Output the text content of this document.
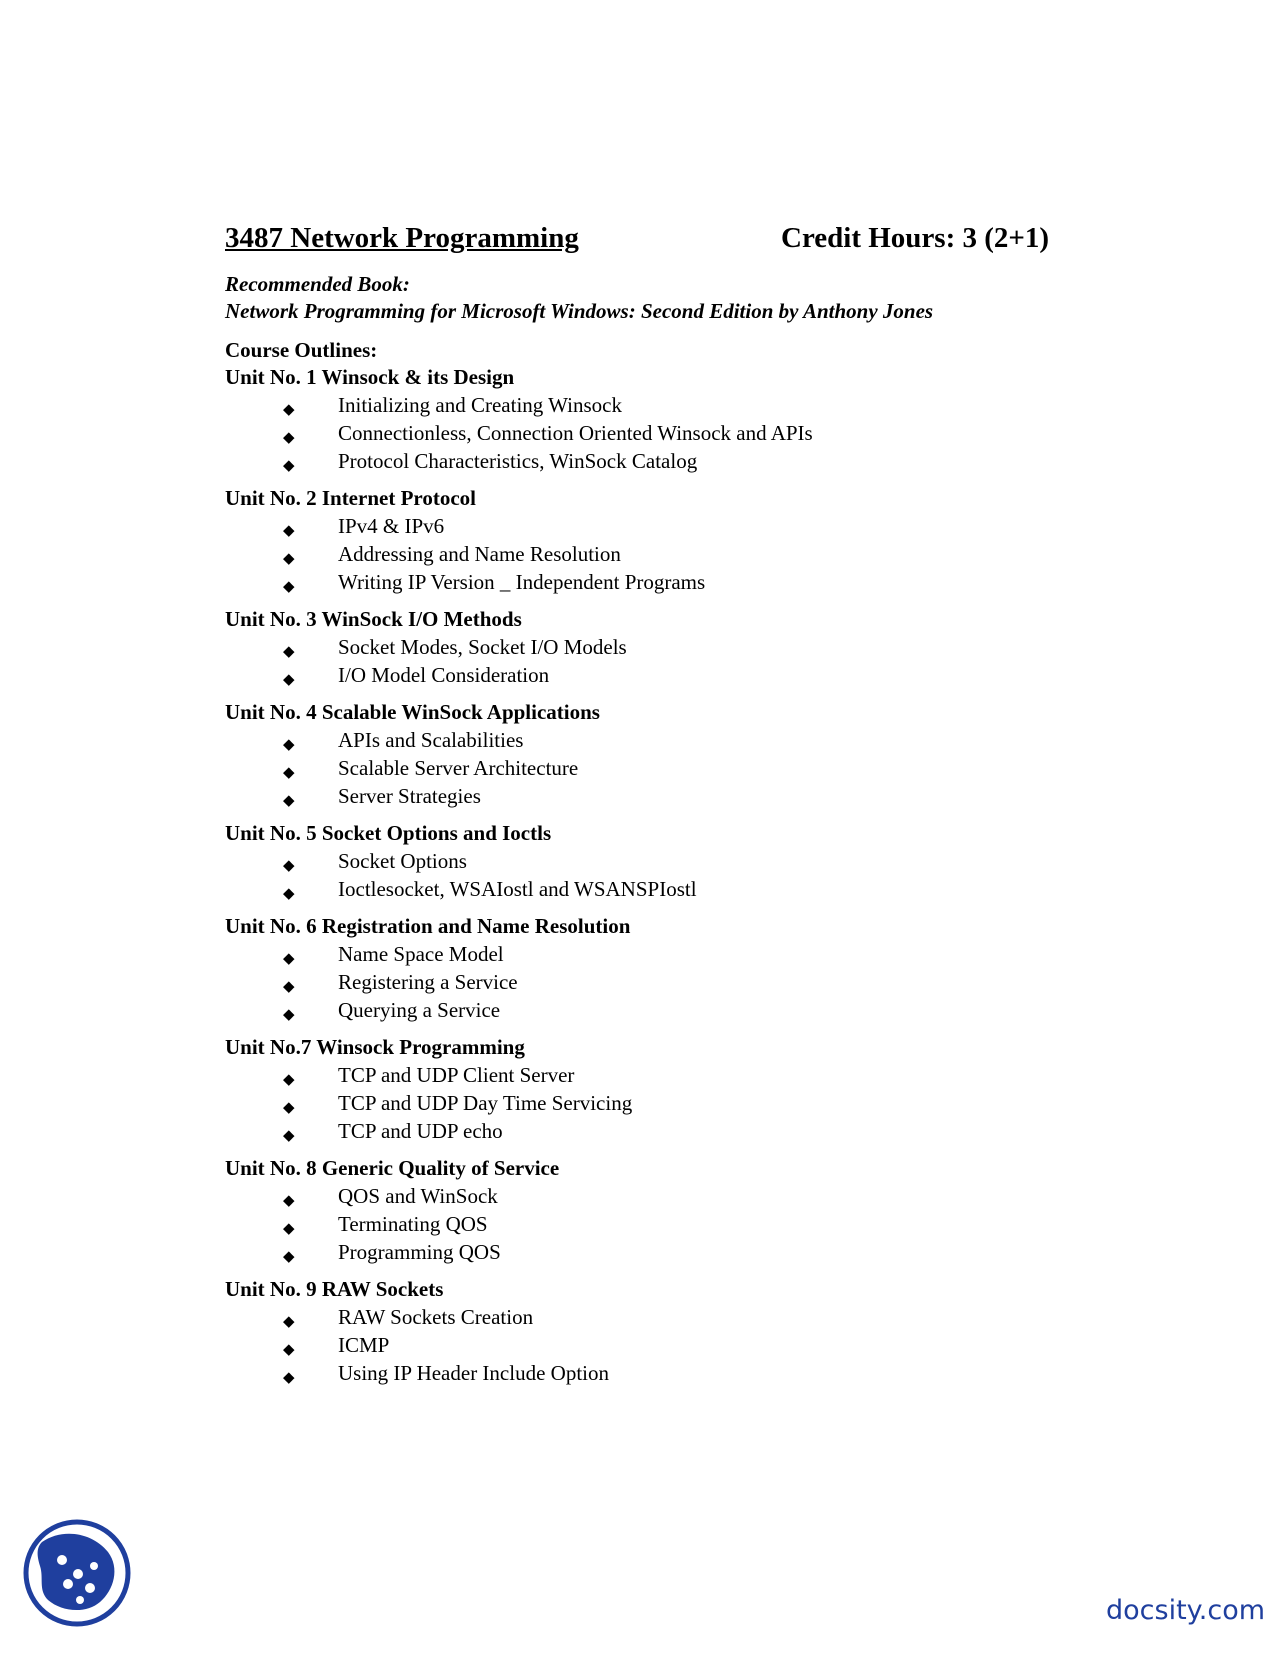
3487 Network Programming	Credit Hours: 3 (2+1)
Recommended Book:
Network Programming for Microsoft Windows: Second Edition by Anthony Jones
Course Outlines:
Unit No. 1 Winsock & its Design
◆ Initializing and Creating Winsock
◆ Connectionless, Connection Oriented Winsock and APIs
◆ Protocol Characteristics, WinSock Catalog
Unit No. 2 Internet Protocol
◆ IPv4 & IPv6
◆ Addressing and Name Resolution
◆ Writing IP Version _ Independent Programs
Unit No. 3 WinSock I/O Methods
◆ Socket Modes, Socket I/O Models
◆ I/O Model Consideration
Unit No. 4 Scalable WinSock Applications
◆ APIs and Scalabilities
◆ Scalable Server Architecture
◆ Server Strategies
Unit No. 5 Socket Options and Ioctls
◆ Socket Options
◆ Ioctlesocket, WSAIostl and WSANSPIostl
Unit No. 6 Registration and Name Resolution
◆ Name Space Model
◆ Registering a Service
◆ Querying a Service
Unit No.7 Winsock Programming
◆ TCP and UDP Client Server
◆ TCP and UDP Day Time Servicing
◆ TCP and UDP echo
Unit No. 8 Generic Quality of Service
◆ QOS and WinSock
◆ Terminating QOS
◆ Programming QOS
Unit No. 9 RAW Sockets
◆ RAW Sockets Creation
◆ ICMP
◆ Using IP Header Include Option
docsity.com
